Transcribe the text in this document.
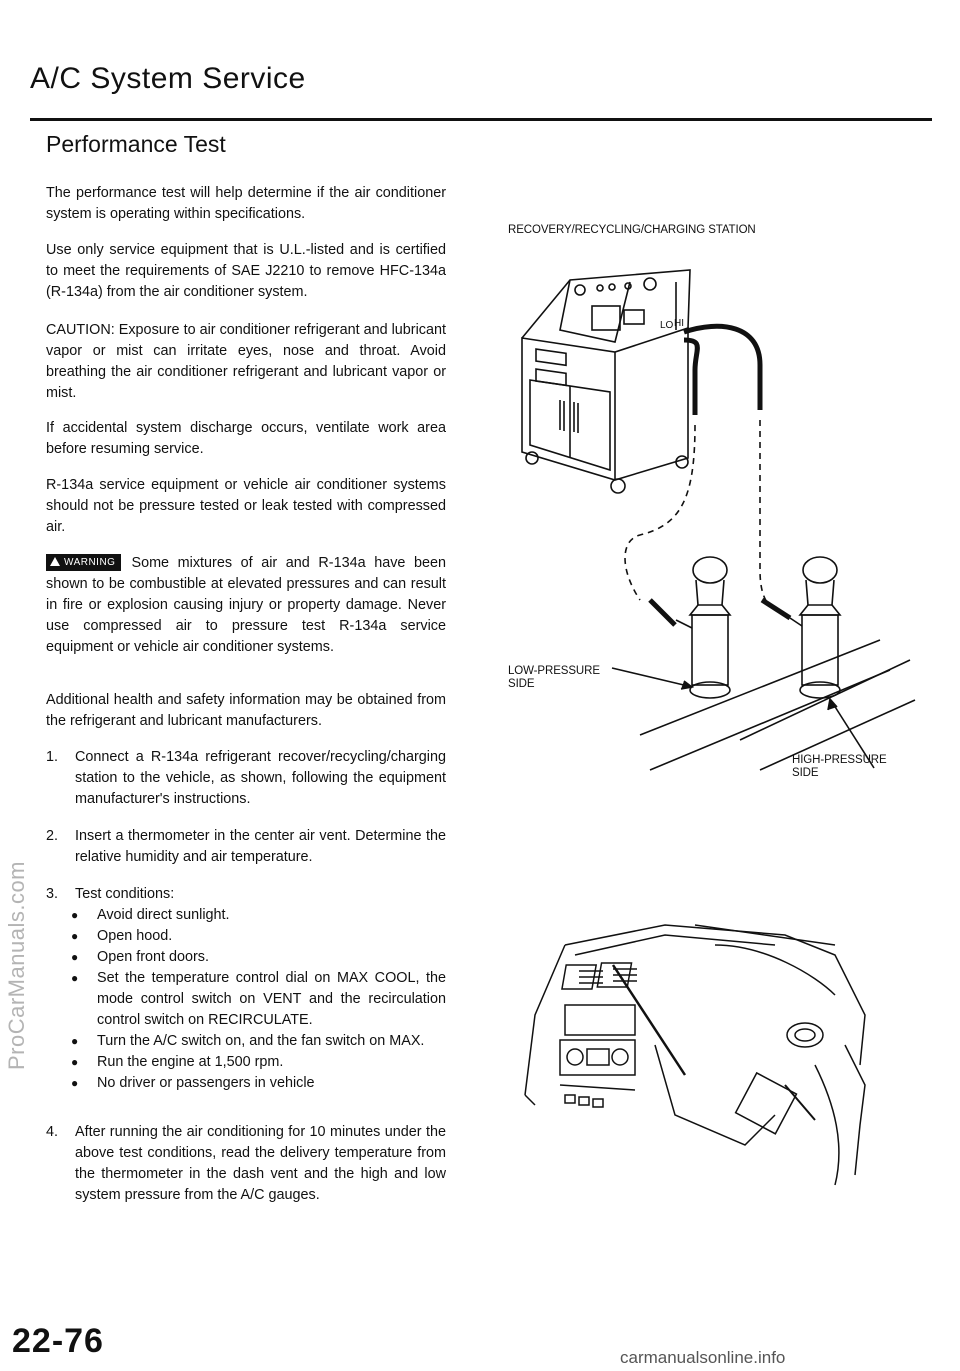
A/C System Service
Performance Test

The performance test will help determine if the air conditioner system is operating within specifications.

Use only service equipment that is U.L.-listed and is certified to meet the requirements of SAE J2210 to remove HFC-134a (R-134a) from the air conditioner system.

CAUTION: Exposure to air conditioner refrigerant and lubricant vapor or mist can irritate eyes, nose and throat. Avoid breathing the air conditioner refrigerant and lubricant vapor or mist.

If accidental system discharge occurs, ventilate work area before resuming service.

R-134a service equipment or vehicle air conditioner systems should not be pressure tested or leak tested with compressed air.

WARNING Some mixtures of air and R-134a have been shown to be combustible at elevated pressures and can result in fire or explosion causing injury or property damage. Never use compressed air to pressure test R-134a service equipment or vehicle air conditioner systems.

Additional health and safety information may be obtained from the refrigerant and lubricant manufacturers.

1. Connect a R-134a refrigerant recover/recycling/charging station to the vehicle, as shown, following the equipment manufacturer's instructions.

2. Insert a thermometer in the center air vent. Determine the relative humidity and air temperature.

3. Test conditions:

● Avoid direct sunlight.
● Open hood.
● Open front doors.
● Set the temperature control dial on MAX COOL, the mode control switch on VENT and the recirculation control switch on RECIRCULATE.
● Turn the A/C switch on, and the fan switch on MAX.
● Run the engine at 1,500 rpm.
● No driver or passengers in vehicle

4. After running the air conditioning for 10 minutes under the above test conditions, read the delivery temperature from the thermometer in the dash vent and the high and low system pressure from the A/C gauges.

RECOVERY/RECYCLING/CHARGING STATION
LOW-PRESSURE
SIDE
HIGH-PRESSURE
SIDE
LO HI
ProCarManuals.com
22-76	carmanualsonline.info
